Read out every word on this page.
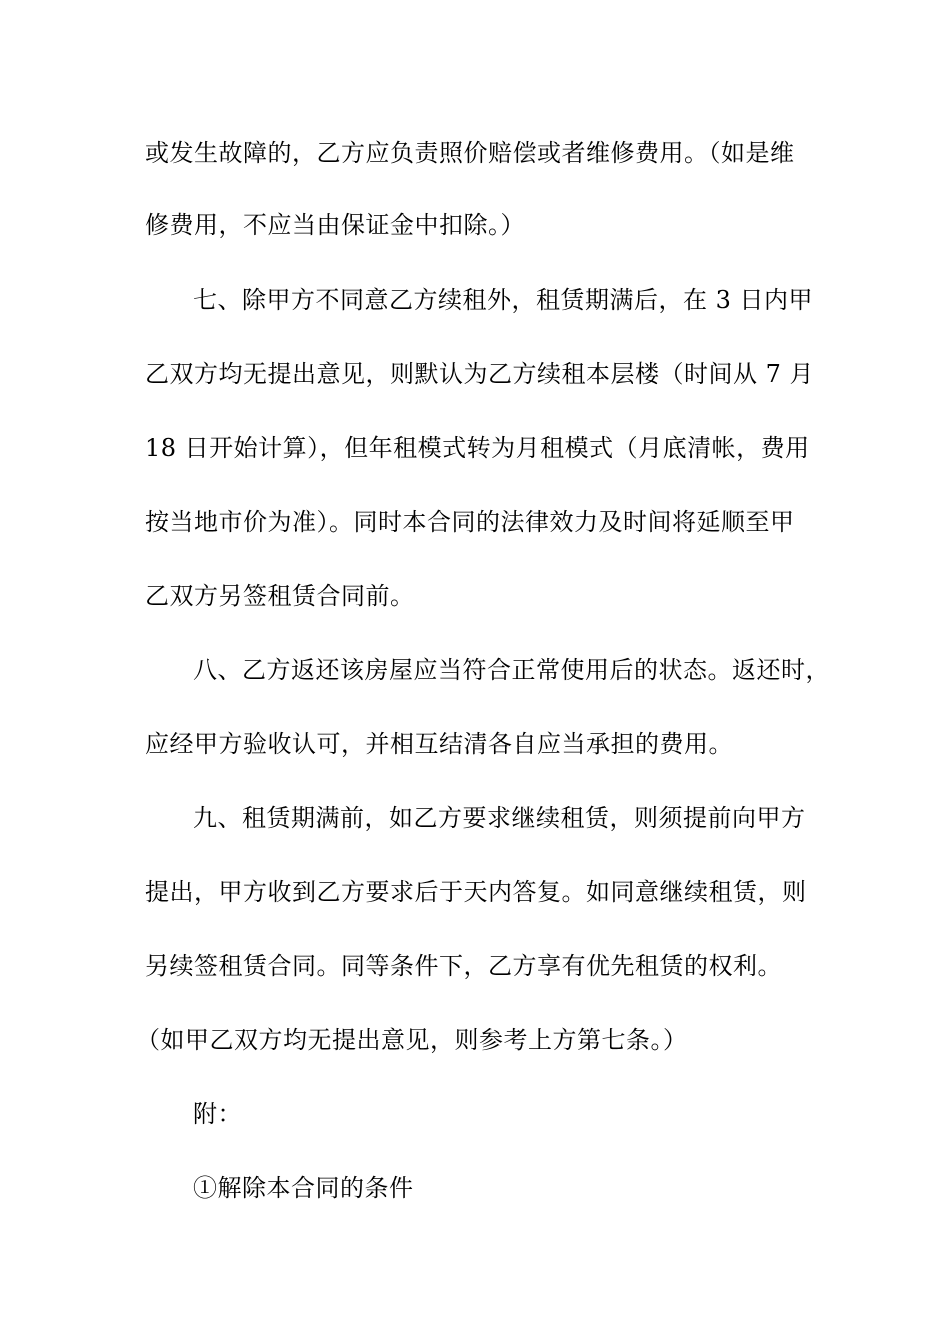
或发生故障的，乙方应负责照价赔偿或者维修费用。（如是维
修费用，不应当由保证金中扣除。）
七、除甲方不同意乙方续租外，租赁期满后，在 3 日内甲
乙双方均无提出意见，则默认为乙方续租本层楼（时间从 7 月
18 日开始计算），但年租模式转为月租模式（月底清帐，费用
按当地市价为准）。同时本合同的法律效力及时间将延顺至甲
乙双方另签租赁合同前。
八、乙方返还该房屋应当符合正常使用后的状态。返还时，
应经甲方验收认可，并相互结清各自应当承担的费用。
九、租赁期满前，如乙方要求继续租赁，则须提前向甲方
提出，甲方收到乙方要求后于天内答复。如同意继续租赁，则
另续签租赁合同。同等条件下，乙方享有优先租赁的权利。
（如甲乙双方均无提出意见，则参考上方第七条。）
附：
①解除本合同的条件
